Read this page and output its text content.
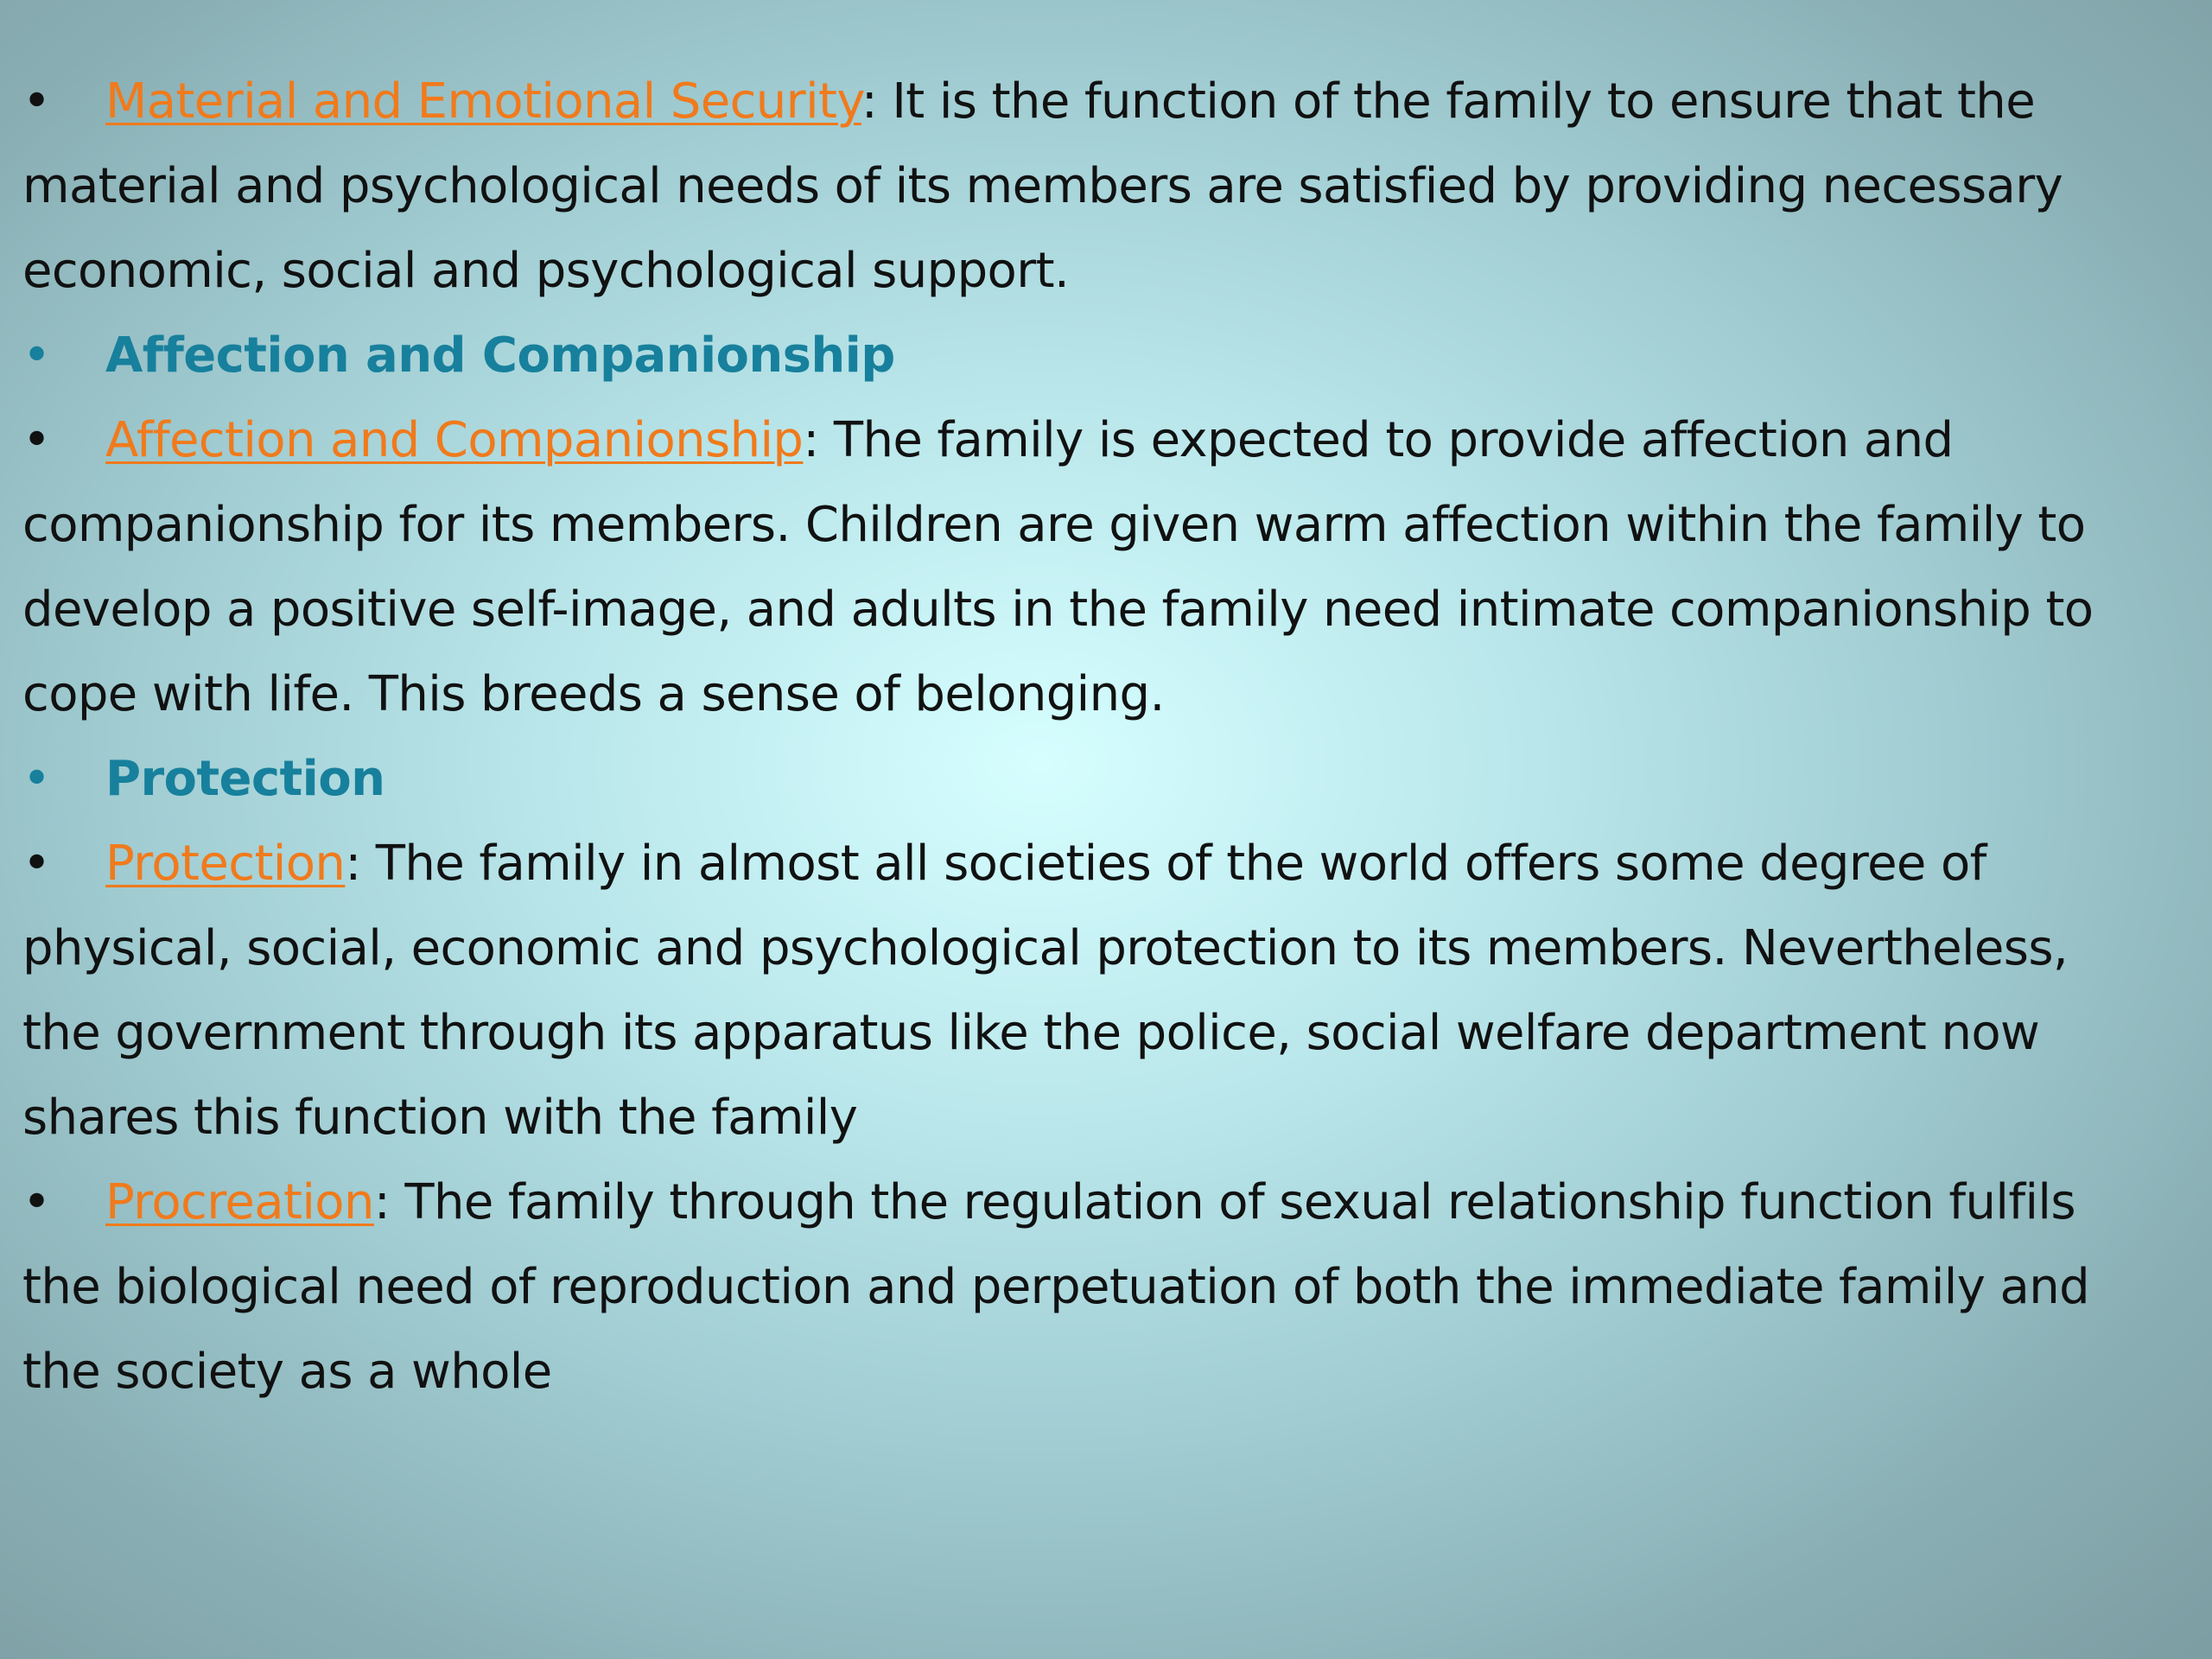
• Material and Emotional Security: It is the function of the family to ensure that the material and psychological needs of its members are satisfied by providing necessary economic, social and psychological support.
• Affection and Companionship
• Affection and Companionship: The family is expected to provide affection and companionship for its members. Children are given warm affection within the family to develop a positive self-image, and adults in the family need intimate companionship to cope with life. This breeds a sense of belonging.
• Protection
• Protection: The family in almost all societies of the world offers some degree of physical, social, economic and psychological protection to its members. Nevertheless, the government through its apparatus like the police, social welfare department now shares this function with the family
• Procreation: The family through the regulation of sexual relationship function fulfils the biological need of reproduction and perpetuation of both the immediate family and the society as a whole
